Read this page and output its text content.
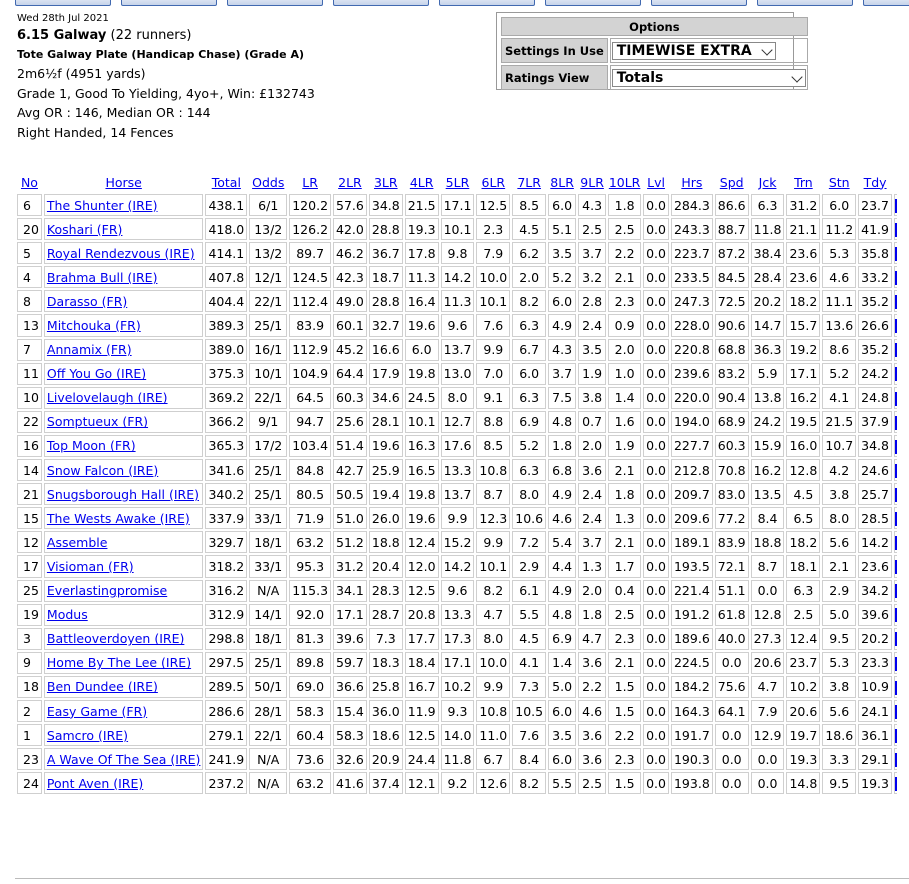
Wed 28th Jul 2021
6.15 Galway (22 runners)
Tote Galway Plate (Handicap Chase) (Grade A)
2m6½f (4951 yards)
Grade 1, Good To Yielding, 4yo+, Win: £132743
Avg OR : 146, Median OR : 144
Right Handed, 14 Fences
Options	
Settings In Use	TIMEWISE EXTRA

Ratings View	Totals
No	Horse	Total	Odds	LR	2LR	3LR	4LR	5LR	6LR	7LR	8LR	9LR	10LR	Lvl	Hrs	Spd	Jck	Trn	Stn	Tdy	
6	The Shunter (IRE)	438.1	6/1	120.2	57.6	34.8	21.5	17.1	12.5	8.5	6.0	4.3	1.8	0.0	284.3	86.6	6.3	31.2	6.0	23.7	
20	Koshari (FR)	418.0	13/2	126.2	42.0	28.8	19.3	10.1	2.3	4.5	5.1	2.5	2.5	0.0	243.3	88.7	11.8	21.1	11.2	41.9	
5	Royal Rendezvous (IRE)	414.1	13/2	89.7	46.2	36.7	17.8	9.8	7.9	6.2	3.5	3.7	2.2	0.0	223.7	87.2	38.4	23.6	5.3	35.8	
4	Brahma Bull (IRE)	407.8	12/1	124.5	42.3	18.7	11.3	14.2	10.0	2.0	5.2	3.2	2.1	0.0	233.5	84.5	28.4	23.6	4.6	33.2	
8	Darasso (FR)	404.4	22/1	112.4	49.0	28.8	16.4	11.3	10.1	8.2	6.0	2.8	2.3	0.0	247.3	72.5	20.2	18.2	11.1	35.2	
13	Mitchouka (FR)	389.3	25/1	83.9	60.1	32.7	19.6	9.6	7.6	6.3	4.9	2.4	0.9	0.0	228.0	90.6	14.7	15.7	13.6	26.6	
7	Annamix (FR)	389.0	16/1	112.9	45.2	16.6	6.0	13.7	9.9	6.7	4.3	3.5	2.0	0.0	220.8	68.8	36.3	19.2	8.6	35.2	
11	Off You Go (IRE)	375.3	10/1	104.9	64.4	17.9	19.8	13.0	7.0	6.0	3.7	1.9	1.0	0.0	239.6	83.2	5.9	17.1	5.2	24.2	
10	Livelovelaugh (IRE)	369.2	22/1	64.5	60.3	34.6	24.5	8.0	9.1	6.3	7.5	3.8	1.4	0.0	220.0	90.4	13.8	16.2	4.1	24.8	
22	Somptueux (FR)	366.2	9/1	94.7	25.6	28.1	10.1	12.7	8.8	6.9	4.8	0.7	1.6	0.0	194.0	68.9	24.2	19.5	21.5	37.9	
16	Top Moon (FR)	365.3	17/2	103.4	51.4	19.6	16.3	17.6	8.5	5.2	1.8	2.0	1.9	0.0	227.7	60.3	15.9	16.0	10.7	34.8	
14	Snow Falcon (IRE)	341.6	25/1	84.8	42.7	25.9	16.5	13.3	10.8	6.3	6.8	3.6	2.1	0.0	212.8	70.8	16.2	12.8	4.2	24.6	
21	Snugsborough Hall (IRE)	340.2	25/1	80.5	50.5	19.4	19.8	13.7	8.7	8.0	4.9	2.4	1.8	0.0	209.7	83.0	13.5	4.5	3.8	25.7	
15	The Wests Awake (IRE)	337.9	33/1	71.9	51.0	26.0	19.6	9.9	12.3	10.6	4.6	2.4	1.3	0.0	209.6	77.2	8.4	6.5	8.0	28.5	
12	Assemble	329.7	18/1	63.2	51.2	18.8	12.4	15.2	9.9	7.2	5.4	3.7	2.1	0.0	189.1	83.9	18.8	18.2	5.6	14.2	
17	Visioman (FR)	318.2	33/1	95.3	31.2	20.4	12.0	14.2	10.1	2.9	4.4	1.3	1.7	0.0	193.5	72.1	8.7	18.1	2.1	23.6	
25	Everlastingpromise	316.2	N/A	115.3	34.1	28.3	12.5	9.6	8.2	6.1	4.9	2.0	0.4	0.0	221.4	51.1	0.0	6.3	2.9	34.2	
19	Modus	312.9	14/1	92.0	17.1	28.7	20.8	13.3	4.7	5.5	4.8	1.8	2.5	0.0	191.2	61.8	12.8	2.5	5.0	39.6	
3	Battleoverdoyen (IRE)	298.8	18/1	81.3	39.6	7.3	17.7	17.3	8.0	4.5	6.9	4.7	2.3	0.0	189.6	40.0	27.3	12.4	9.5	20.2	
9	Home By The Lee (IRE)	297.5	25/1	89.8	59.7	18.3	18.4	17.1	10.0	4.1	1.4	3.6	2.1	0.0	224.5	0.0	20.6	23.7	5.3	23.3	
18	Ben Dundee (IRE)	289.5	50/1	69.0	36.6	25.8	16.7	10.2	9.9	7.3	5.0	2.2	1.5	0.0	184.2	75.6	4.7	10.2	3.8	10.9	
2	Easy Game (FR)	286.6	28/1	58.3	15.4	36.0	11.9	9.3	10.8	10.5	6.0	4.6	1.5	0.0	164.3	64.1	7.9	20.6	5.6	24.1	
1	Samcro (IRE)	279.1	22/1	60.4	58.3	18.6	12.5	14.0	11.0	7.6	3.5	3.6	2.2	0.0	191.7	0.0	12.9	19.7	18.6	36.1	
23	A Wave Of The Sea (IRE)	241.9	N/A	73.6	32.6	20.9	24.4	11.8	6.7	8.4	6.0	3.6	2.3	0.0	190.3	0.0	0.0	19.3	3.3	29.1	
24	Pont Aven (IRE)	237.2	N/A	63.2	41.6	37.4	12.1	9.2	12.6	8.2	5.5	2.5	1.5	0.0	193.8	0.0	0.0	14.8	9.5	19.3	
